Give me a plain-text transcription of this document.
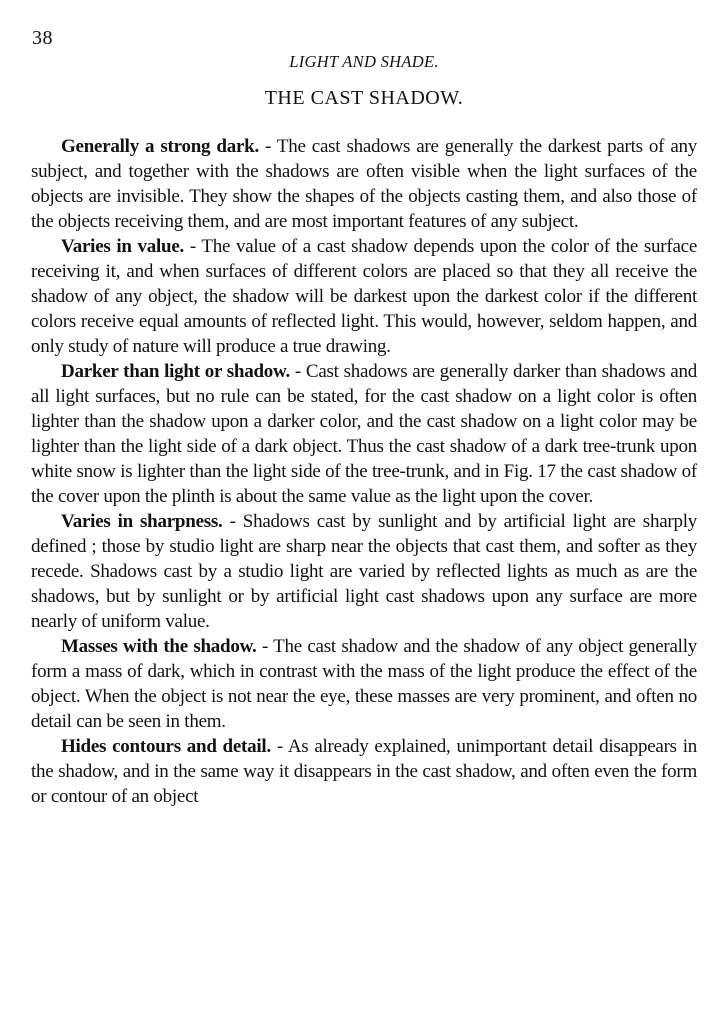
38
LIGHT AND SHADE.
THE CAST SHADOW.

Generally a strong dark. - The cast shadows are generally the darkest parts of any subject, and together with the shadows are often visible when the light surfaces of the objects are invisible. They show the shapes of the objects casting them, and also those of the objects receiving them, and are most important features of any subject.

Varies in value. - The value of a cast shadow depends upon the color of the surface receiving it, and when surfaces of different colors are placed so that they all receive the shadow of any object, the shadow will be darkest upon the darkest color if the different colors receive equal amounts of reflected light. This would, however, seldom happen, and only study of nature will produce a true drawing.

Darker than light or shadow. - Cast shadows are generally darker than shadows and all light surfaces, but no rule can be stated, for the cast shadow on a light color is often lighter than the shadow upon a darker color, and the cast shadow on a light color may be lighter than the light side of a dark object. Thus the cast shadow of a dark tree-trunk upon white snow is lighter than the light side of the tree-trunk, and in Fig. 17 the cast shadow of the cover upon the plinth is about the same value as the light upon the cover.

Varies in sharpness. - Shadows cast by sunlight and by artificial light are sharply defined ; those by studio light are sharp near the objects that cast them, and softer as they recede. Shadows cast by a studio light are varied by reflected lights as much as are the shadows, but by sunlight or by artificial light cast shadows upon any surface are more nearly of uniform value.

Masses with the shadow. - The cast shadow and the shadow of any object generally form a mass of dark, which in contrast with the mass of the light produce the effect of the object. When the object is not near the eye, these masses are very prominent, and often no detail can be seen in them.

Hides contours and detail. - As already explained, unimportant detail disappears in the shadow, and in the same way it disappears in the cast shadow, and often even the form or contour of an object
